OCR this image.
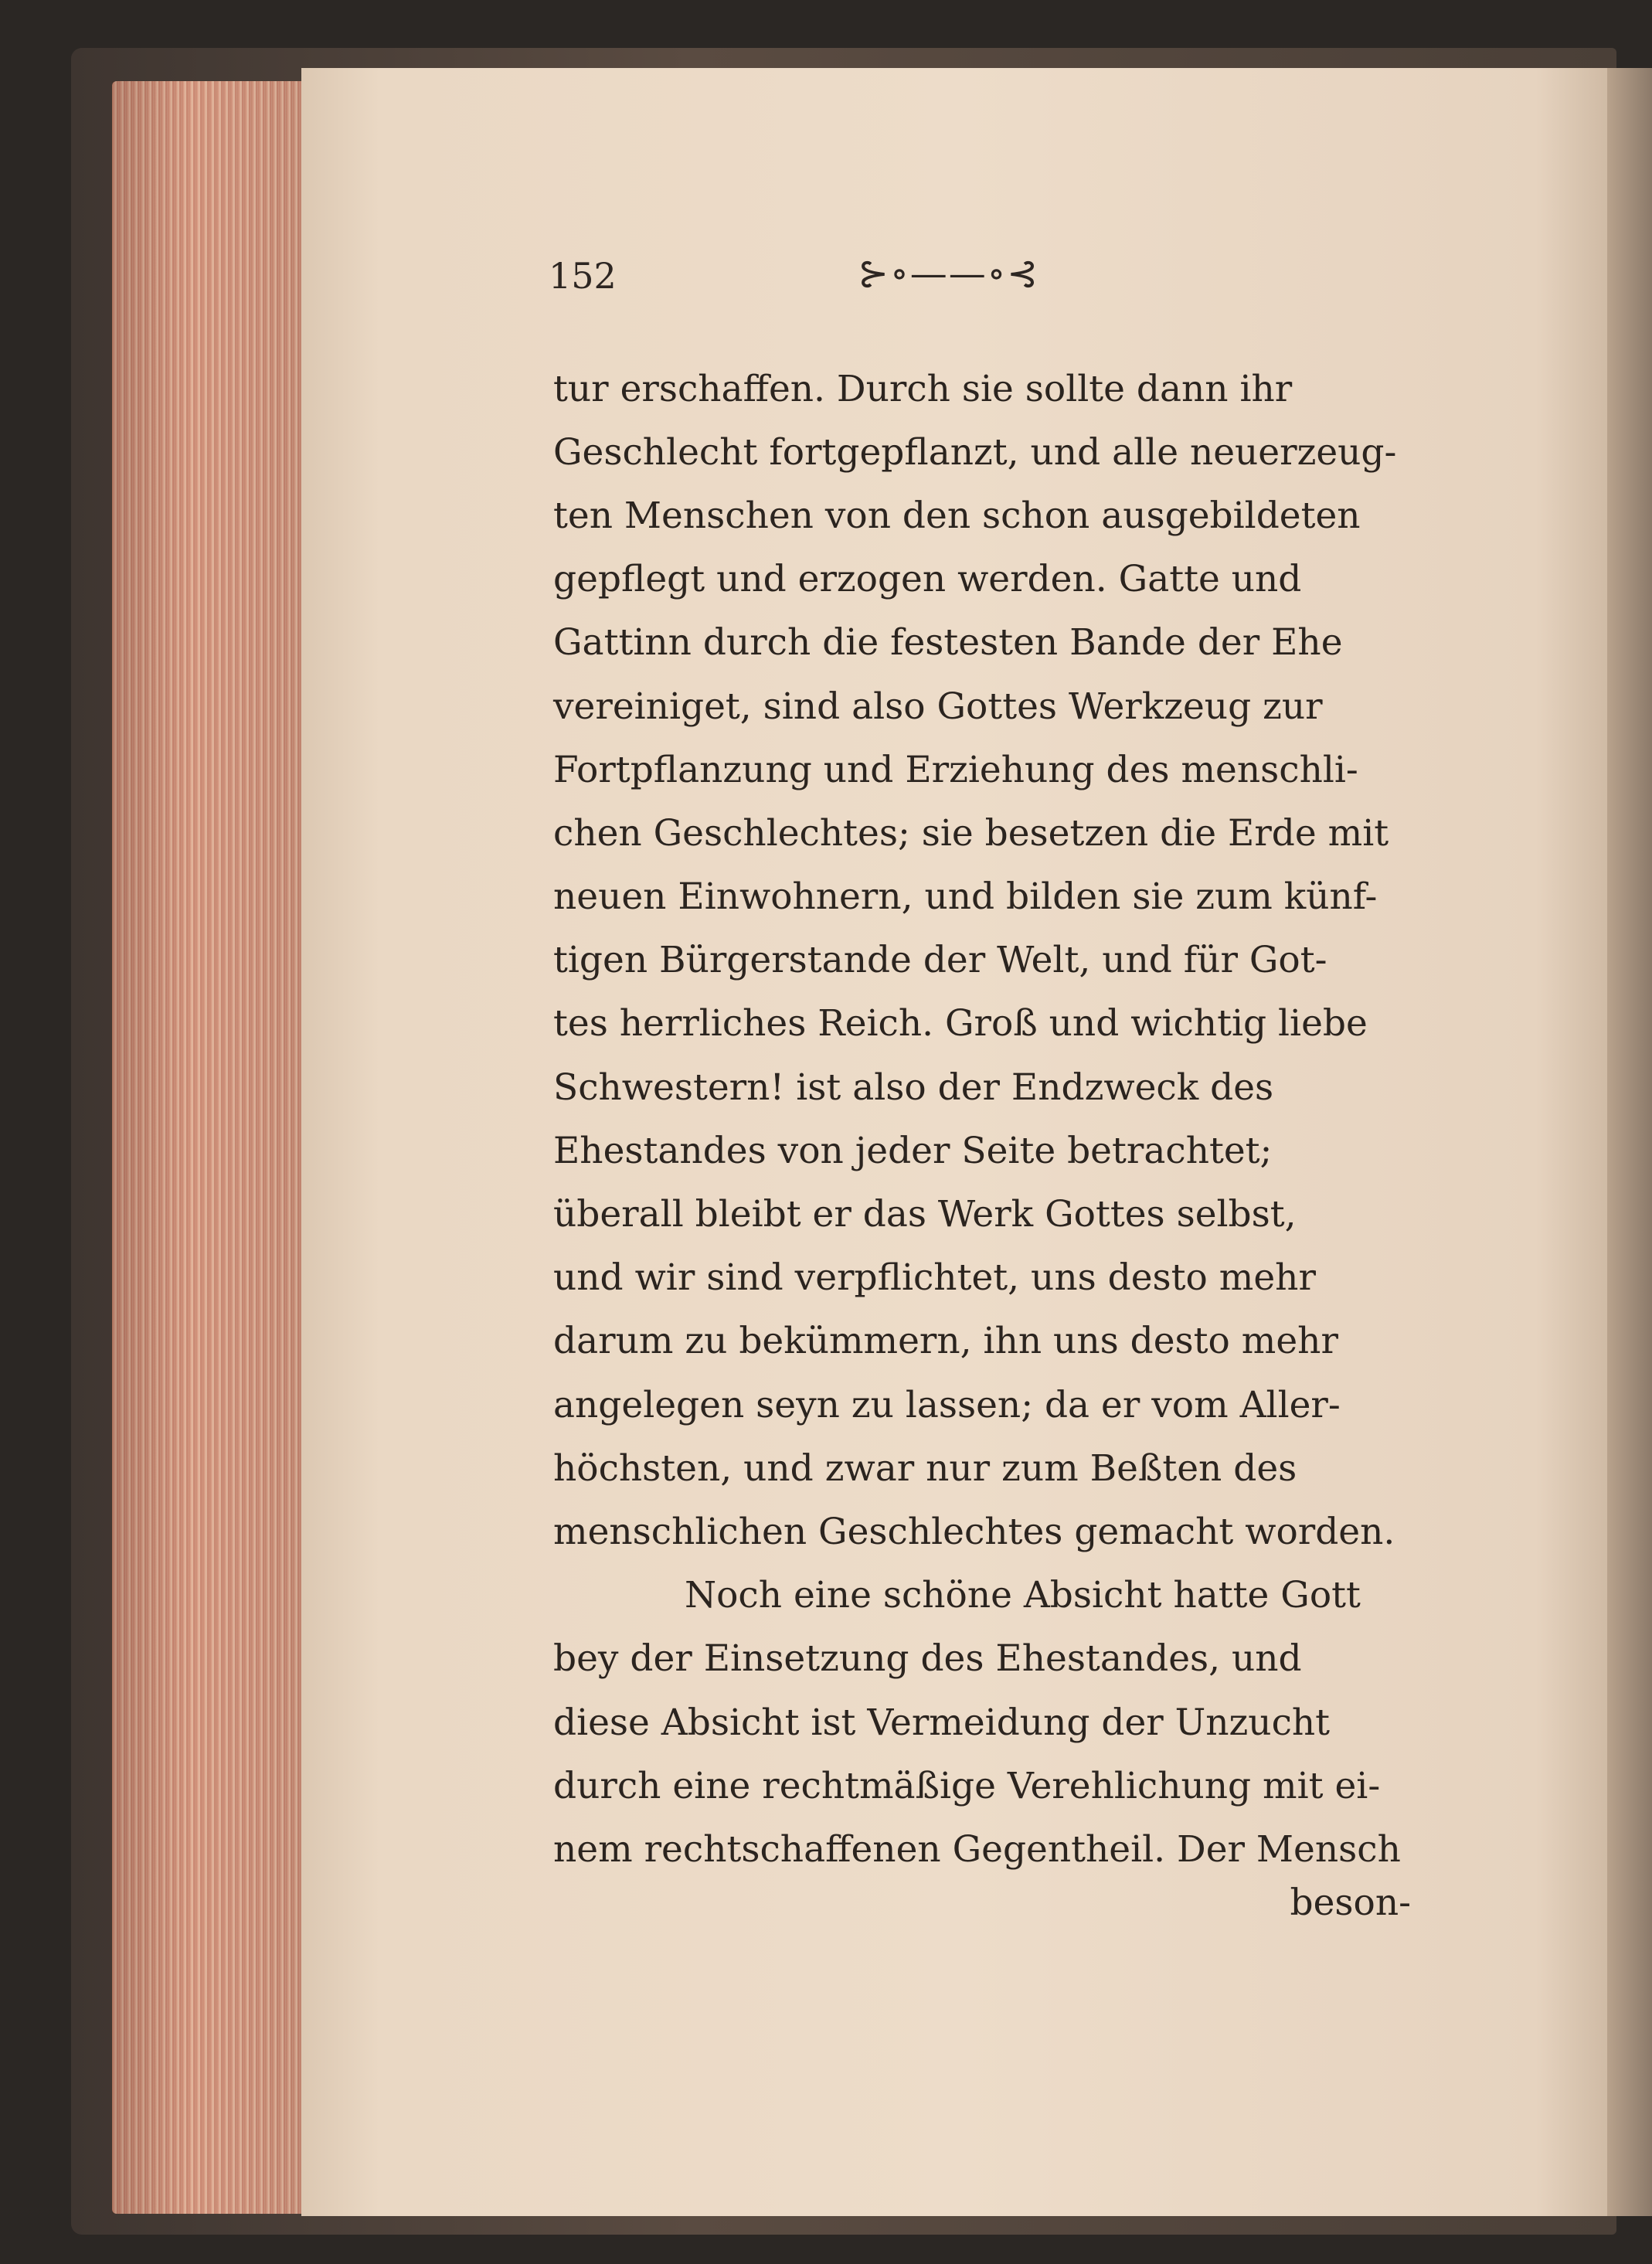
152	⊱∘——∘⊰
tur erschaffen. Durch sie sollte dann ihr
Geschlecht fortgepflanzt, und alle neuerzeug-
ten Menschen von den schon ausgebildeten
gepflegt und erzogen werden. Gatte und
Gattinn durch die festesten Bande der Ehe
vereiniget, sind also Gottes Werkzeug zur
Fortpflanzung und Erziehung des menschli-
chen Geschlechtes; sie besetzen die Erde mit
neuen Einwohnern, und bilden sie zum künf-
tigen Bürgerstande der Welt, und für Got-
tes herrliches Reich. Groß und wichtig liebe
Schwestern! ist also der Endzweck des
Ehestandes von jeder Seite betrachtet;
überall bleibt er das Werk Gottes selbst,
und wir sind verpflichtet, uns desto mehr
darum zu bekümmern, ihn uns desto mehr
angelegen seyn zu lassen; da er vom Aller-
höchsten, und zwar nur zum Beßten des
menschlichen Geschlechtes gemacht worden.
Noch eine schöne Absicht hatte Gott
bey der Einsetzung des Ehestandes, und
diese Absicht ist Vermeidung der Unzucht
durch eine rechtmäßige Verehlichung mit ei-
nem rechtschaffenen Gegentheil. Der Mensch
beson-
